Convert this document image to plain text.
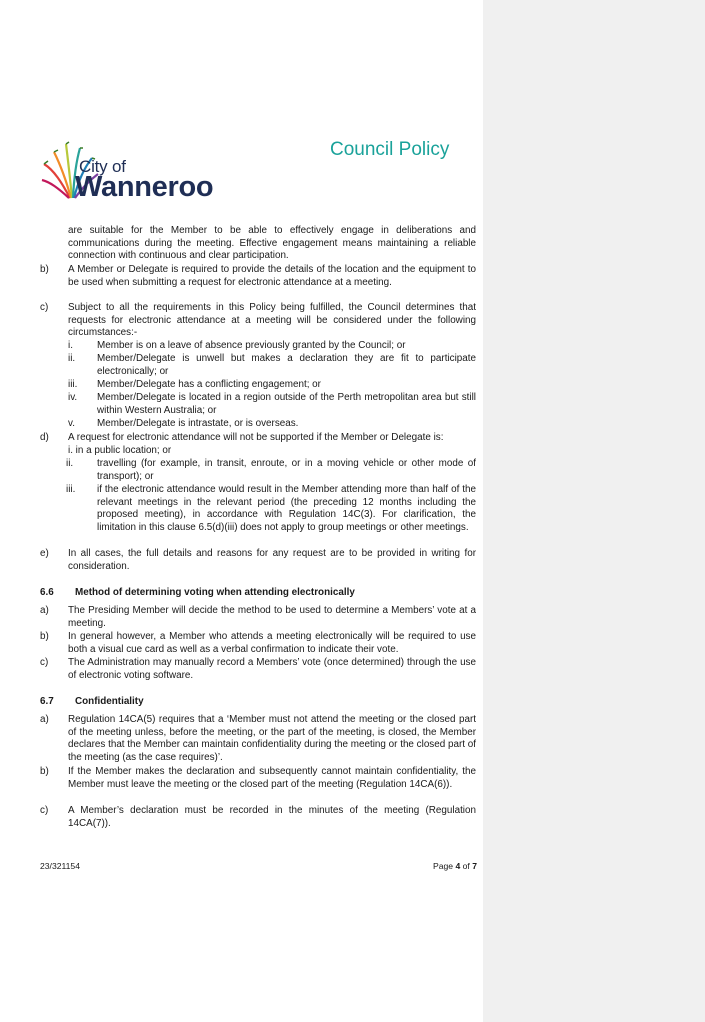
City of
Wanneroo
Council Policy
are suitable for the Member to be able to effectively engage in deliberations and communications during the meeting. Effective engagement means maintaining a reliable connection with continuous and clear participation.
b) A Member or Delegate is required to provide the details of the location and the equipment to be used when submitting a request for electronic attendance at a meeting.
c) Subject to all the requirements in this Policy being fulfilled, the Council determines that requests for electronic attendance at a meeting will be considered under the following circumstances:-
i. Member is on a leave of absence previously granted by the Council; or
ii. Member/Delegate is unwell but makes a declaration they are fit to participate electronically; or
iii. Member/Delegate has a conflicting engagement; or
iv. Member/Delegate is located in a region outside of the Perth metropolitan area but still within Western Australia; or
v. Member/Delegate is intrastate, or is overseas.
d) A request for electronic attendance will not be supported if the Member or Delegate is:
i. in a public location; or
ii. travelling (for example, in transit, enroute, or in a moving vehicle or other mode of transport); or
iii. if the electronic attendance would result in the Member attending more than half of the relevant meetings in the relevant period (the preceding 12 months including the proposed meeting), in accordance with Regulation 14C(3). For clarification, the limitation in this clause 6.5(d)(iii) does not apply to group meetings or other meetings.
e) In all cases, the full details and reasons for any request are to be provided in writing for consideration.
6.6 Method of determining voting when attending electronically
a) The Presiding Member will decide the method to be used to determine a Members’ vote at a meeting.
b) In general however, a Member who attends a meeting electronically will be required to use both a visual cue card as well as a verbal confirmation to indicate their vote.
c) The Administration may manually record a Members’ vote (once determined) through the use of electronic voting software.
6.7 Confidentiality
a) Regulation 14CA(5) requires that a ‘Member must not attend the meeting or the closed part of the meeting unless, before the meeting, or the part of the meeting, is closed, the Member declares that the Member can maintain confidentiality during the meeting or the closed part of the meeting (as the case requires)’.
b) If the Member makes the declaration and subsequently cannot maintain confidentiality, the Member must leave the meeting or the closed part of the meeting (Regulation 14CA(6)).
c) A Member’s declaration must be recorded in the minutes of the meeting (Regulation 14CA(7)).
23/321154	Page 4 of 7
